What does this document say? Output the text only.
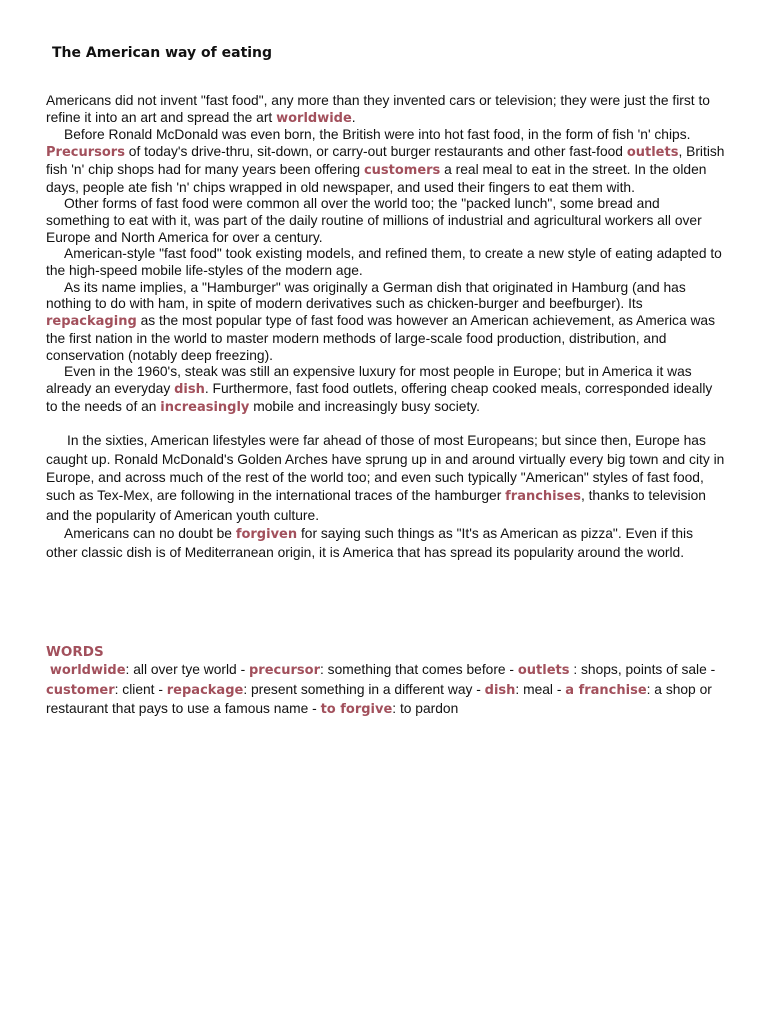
The American way of eating

Americans did not invent "fast food", any more than they invented cars or television; they were just the first to refine it into an art and spread the art worldwide.

Before Ronald McDonald was even born, the British were into hot fast food, in the form of fish 'n' chips. Precursors of today's drive-thru, sit-down, or carry-out burger restaurants and other fast-food outlets, British fish 'n' chip shops had for many years been offering customers a real meal to eat in the street. In the olden days, people ate fish 'n' chips wrapped in old newspaper, and used their fingers to eat them with.

Other forms of fast food were common all over the world too; the "packed lunch", some bread and something to eat with it, was part of the daily routine of millions of industrial and agricultural workers all over Europe and North America for over a century.

American-style "fast food" took existing models, and refined them, to create a new style of eating adapted to the high-speed mobile life-styles of the modern age.

As its name implies, a "Hamburger" was originally a German dish that originated in Hamburg (and has nothing to do with ham, in spite of modern derivatives such as chicken-burger and beefburger). Its repackaging as the most popular type of fast food was however an American achievement, as America was the first nation in the world to master modern methods of large-scale food production, distribution, and conservation (notably deep freezing).

Even in the 1960's, steak was still an expensive luxury for most people in Europe; but in America it was already an everyday dish. Furthermore, fast food outlets, offering cheap cooked meals, corresponded ideally to the needs of an increasingly mobile and increasingly busy society.

In the sixties, American lifestyles were far ahead of those of most Europeans; but since then, Europe has caught up. Ronald McDonald's Golden Arches have sprung up in and around virtually every big town and city in Europe, and across much of the rest of the world too; and even such typically "American" styles of fast food, such as Tex-Mex, are following in the international traces of the hamburger franchises, thanks to television and the popularity of American youth culture.

Americans can no doubt be forgiven for saying such things as "It's as American as pizza". Even if this other classic dish is of Mediterranean origin, it is America that has spread its popularity around the world.

WORDS

worldwide: all over tye world - precursor: something that comes before - outlets : shops, points of sale - customer: client - repackage: present something in a different way - dish: meal - a franchise: a shop or restaurant that pays to use a famous name - to forgive: to pardon
